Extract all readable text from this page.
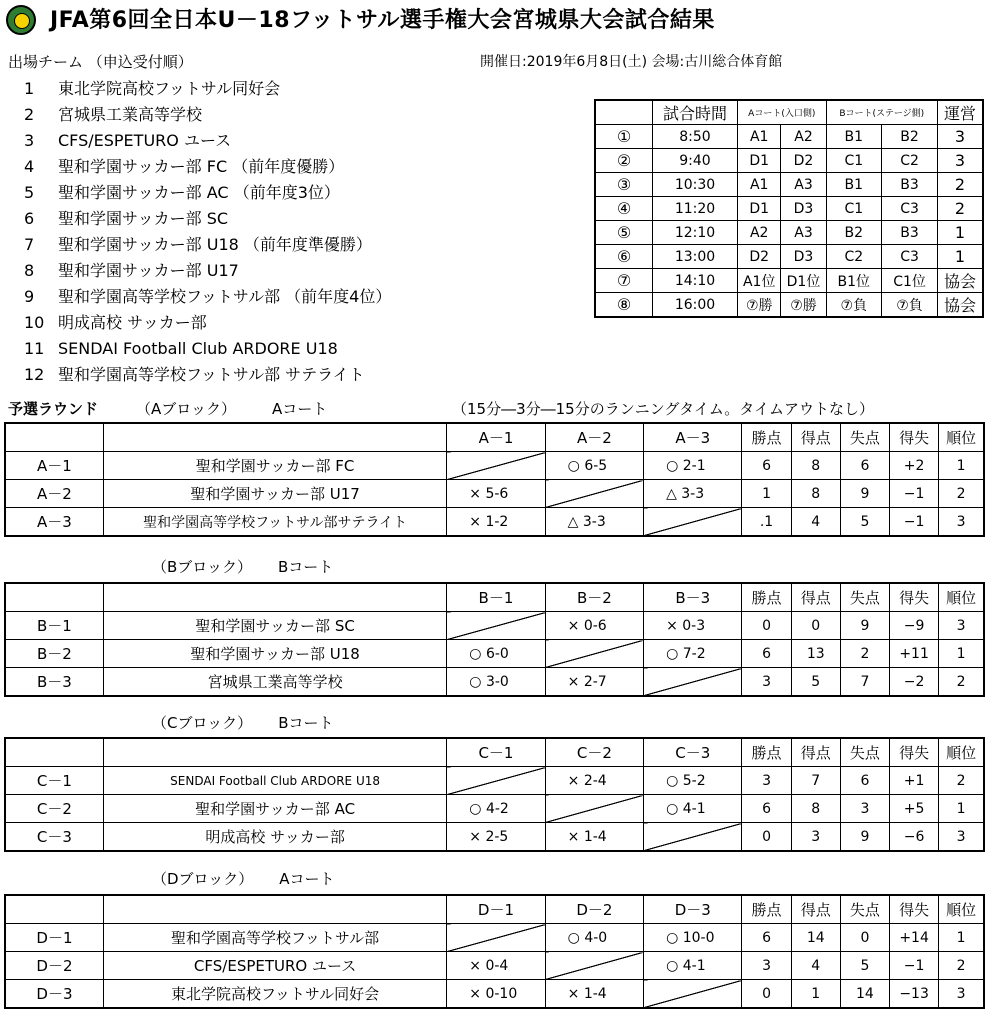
JFA第6回全日本U－18フットサル選手権大会宮城県大会試合結果
出場チーム （申込受付順）	開催日:2019年6月8日(土) 会場:古川総合体育館
1 東北学院高校フットサル同好会
2 宮城県工業高等学校
3 CFS/ESPETURO ユース
4 聖和学園サッカー部 FC （前年度優勝）
5 聖和学園サッカー部 AC （前年度3位）
6 聖和学園サッカー部 SC
7 聖和学園サッカー部 U18 （前年度準優勝）
8 聖和学園サッカー部 U17
9 聖和学園高等学校フットサル部 （前年度4位）
10 明成高校 サッカー部
11 SENDAI Football Club ARDORE U18
12 聖和学園高等学校フットサル部 サテライト
	試合時間	Aコート(入口側)		Bコート(ステージ側)		運営
①	8:50	A1	A2	B1	B2	3
②	9:40	D1	D2	C1	C2	3
③	10:30	A1	A3	B1	B3	2
④	11:20	D1	D3	C1	C3	2
⑤	12:10	A2	A3	B2	B3	1
⑥	13:00	D2	D3	C2	C3	1
⑦	14:10	A1位	D1位	B1位	C1位	協会
⑧	16:00	⑦勝	⑦勝	⑦負	⑦負	協会
予選ラウンド	（Aブロック） Aコート	（15分―3分―15分のランニングタイム。タイムアウトなし）
		A－1	A－2	A－3	勝点	得点	失点	得失	順位
A－1	聖和学園サッカー部 FC		○ 6-5	○ 2-1	6	8	6	+2	1
A－2	聖和学園サッカー部 U17	× 5-6		△ 3-3	1	8	9	−1	2
A－3	聖和学園高等学校フットサル部サテライト	× 1-2	△ 3-3		.1	4	5	−1	3
（Bブロック） Bコート
		B－1	B－2	B－3	勝点	得点	失点	得失	順位
B－1	聖和学園サッカー部 SC		× 0-6	× 0-3	0	0	9	−9	3
B－2	聖和学園サッカー部 U18	○ 6-0		○ 7-2	6	13	2	+11	1
B－3	宮城県工業高等学校	○ 3-0	× 2-7		3	5	7	−2	2
（Cブロック） Bコート
		C－1	C－2	C－3	勝点	得点	失点	得失	順位
C－1	SENDAI Football Club ARDORE U18		× 2-4	○ 5-2	3	7	6	+1	2
C－2	聖和学園サッカー部 AC	○ 4-2		○ 4-1	6	8	3	+5	1
C－3	明成高校 サッカー部	× 2-5	× 1-4		0	3	9	−6	3
（Dブロック） Aコート
		D－1	D－2	D－3	勝点	得点	失点	得失	順位
D－1	聖和学園高等学校フットサル部		○ 4-0	○ 10-0	6	14	0	+14	1
D－2	CFS/ESPETURO ユース	× 0-4		○ 4-1	3	4	5	−1	2
D－3	東北学院高校フットサル同好会	× 0-10	× 1-4		0	1	14	−13	3
